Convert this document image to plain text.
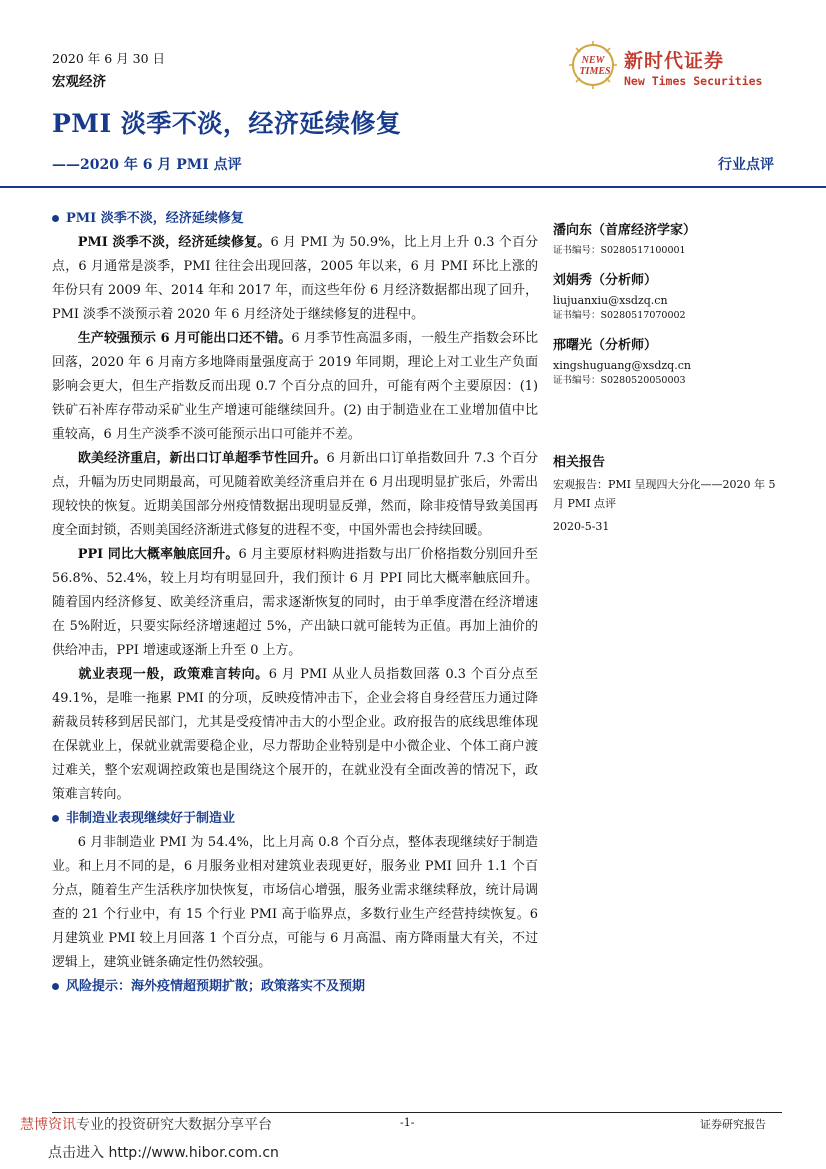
2020 年 6 月 30 日
宏观经济
PMI 淡季不淡，经济延续修复
——2020 年 6 月 PMI 点评	行业点评
NEW
TIMES 新时代证券
New Times Securities
PMI 淡季不淡，经济延续修复

  PMI 淡季不淡，经济延续修复。6 月 PMI 为 50.9%，比上月上升 0.3 个百分点，6 月通常是淡季，PMI 往往会出现回落，2005 年以来，6 月 PMI 环比上涨的年份只有 2009 年、2014 年和 2017 年，而这些年份 6 月经济数据都出现了回升，PMI 淡季不淡预示着 2020 年 6 月经济处于继续修复的进程中。

  生产较强预示 6 月可能出口还不错。6 月季节性高温多雨，一般生产指数会环比回落，2020 年 6 月南方多地降雨量强度高于 2019 年同期，理论上对工业生产负面影响会更大，但生产指数反而出现 0.7 个百分点的回升，可能有两个主要原因：(1) 铁矿石补库存带动采矿业生产增速可能继续回升。(2) 由于制造业在工业增加值中比重较高，6 月生产淡季不淡可能预示出口可能并不差。

  欧美经济重启，新出口订单超季节性回升。6 月新出口订单指数回升 7.3 个百分点，升幅为历史同期最高，可见随着欧美经济重启并在 6 月出现明显扩张后，外需出现较快的恢复。近期美国部分州疫情数据出现明显反弹，然而，除非疫情导致美国再度全面封锁，否则美国经济渐进式修复的进程不变，中国外需也会持续回暖。

  PPI 同比大概率触底回升。6 月主要原材料购进指数与出厂价格指数分别回升至 56.8%、52.4%，较上月均有明显回升，我们预计 6 月 PPI 同比大概率触底回升。随着国内经济修复、欧美经济重启，需求逐渐恢复的同时，由于单季度潜在经济增速在 5%附近，只要实际经济增速超过 5%，产出缺口就可能转为正值。再加上油价的供给冲击，PPI 增速或逐渐上升至 0 上方。

  就业表现一般，政策难言转向。6 月 PMI 从业人员指数回落 0.3 个百分点至 49.1%，是唯一拖累 PMI 的分项，反映疫情冲击下，企业会将自身经营压力通过降薪裁员转移到居民部门，尤其是受疫情冲击大的小型企业。政府报告的底线思维体现在保就业上，保就业就需要稳企业，尽力帮助企业特别是中小微企业、个体工商户渡过难关，整个宏观调控政策也是围绕这个展开的，在就业没有全面改善的情况下，政策难言转向。

非制造业表现继续好于制造业

  6 月非制造业 PMI 为 54.4%，比上月高 0.8 个百分点，整体表现继续好于制造业。和上月不同的是，6 月服务业相对建筑业表现更好，服务业 PMI 回升 1.1 个百分点，随着生产生活秩序加快恢复，市场信心增强，服务业需求继续释放，统计局调查的 21 个行业中，有 15 个行业 PMI 高于临界点，多数行业生产经营持续恢复。6 月建筑业 PMI 较上月回落 1 个百分点，可能与 6 月高温、南方降雨量大有关，不过逻辑上，建筑业链条确定性仍然较强。

风险提示：海外疫情超预期扩散；政策落实不及预期
潘向东（首席经济学家）
证书编号：S0280517100001
刘娟秀（分析师）
liujuanxiu@xsdzq.cn
证书编号：S0280517070002
邢曙光（分析师）
xingshuguang@xsdzq.cn
证书编号：S0280520050003
相关报告
宏观报告：PMI 呈现四大分化——2020 年 5 月 PMI 点评
2020-5-31
慧博资讯专业的投资研究大数据分享平台	-1-	证券研究报告
点击进入 http://www.hibor.com.cn
